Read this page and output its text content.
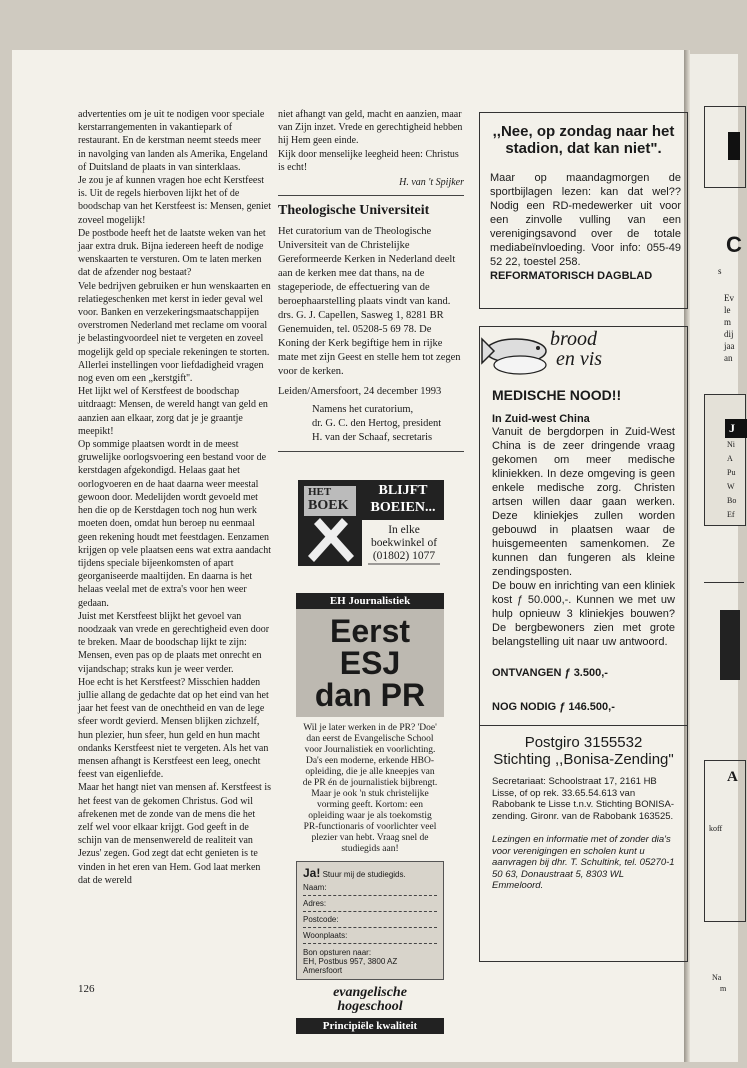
C
s
Ev
le
m
dij
jaa
an
J
Ni
A
Pu
W
Bo
Ef
A
koff
Na
m

advertenties om je uit te nodigen voor speciale kerstarrangementen in vakantiepark of restaurant. En de kerstman neemt steeds meer in navolging van landen als Amerika, Engeland of Duitsland de plaats in van sinterklaas.

Je zou je af kunnen vragen hoe echt Kerstfeest is. Uit de regels hierboven lijkt het of de boodschap van het Kerstfeest is: Mensen, geniet zoveel mogelijk!

De postbode heeft het de laatste weken van het jaar extra druk. Bijna iedereen heeft de nodige wenskaarten te versturen. Om te laten merken dat de afzender nog bestaat?

Vele bedrijven gebruiken er hun wenskaarten en relatiegeschenken met kerst in ieder geval wel voor. Banken en verzekeringsmaatschappijen overstromen Nederland met reclame om vooral je belastingvoordeel niet te vergeten en zoveel mogelijk geld op speciale rekeningen te storten. Allerlei instellingen voor liefdadigheid vragen nog even om een „kerstgift''.

Het lijkt wel of Kerstfeest de boodschap uitdraagt: Mensen, de wereld hangt van geld en aanzien aan elkaar, zorg dat je je graantje meepikt!

Op sommige plaatsen wordt in de meest gruwelijke oorlogsvoering een bestand voor de kerstdagen afgekondigd. Helaas gaat het oorlogvoeren en de haat daarna weer meestal gewoon door. Medelijden wordt gevoeld met hen die op de Kerstdagen toch nog hun werk moeten doen, omdat hun beroep nu eenmaal geen rekening houdt met feestdagen. Eenzamen krijgen op vele plaatsen eens wat extra aandacht tijdens speciale bijeenkomsten of apart georganiseerde maaltijden. En daarna is het helaas veelal met de extra's voor hen weer gedaan.

Juist met Kerstfeest blijkt het gevoel van noodzaak van vrede en gerechtigheid even door te breken. Maar de boodschap lijkt te zijn: Mensen, even pas op de plaats met onrecht en vijandschap; straks kun je weer verder.

Hoe echt is het Kerstfeest? Misschien hadden jullie allang de gedachte dat op het eind van het jaar het feest van de onechtheid en van de lege sfeer wordt gevierd. Mensen blijken zichzelf, hun plezier, hun sfeer, hun geld en hun macht ondanks Kerstfeest niet te vergeten. Als het van mensen afhangt is Kerstfeest een leeg, onecht feest van eigenliefde.

Maar het hangt niet van mensen af. Kerstfeest is het feest van de gekomen Christus. God wil afrekenen met de zonde van de mens die het zelf wel voor elkaar krijgt. God geeft in de schijn van de mensenwereld de realiteit van Jezus' zegen. God zegt dat echt genieten is te vinden in het eren van Hem. God laat merken dat de wereld

niet afhangt van geld, macht en aanzien, maar van Zijn inzet. Vrede en gerechtigheid hebben hij Hem geen einde.

Kijk door menselijke leegheid heen: Christus is echt!

H. van 't Spijker

Theologische Universiteit

Het curatorium van de Theologische Universiteit van de Christelijke Gereformeerde Kerken in Nederland deelt aan de kerken mee dat thans, na de stageperiode, de effectuering van de beroephaarstelling plaats vindt van kand. drs. G. J. Capellen, Sasweg 1, 8281 BR Genemuiden, tel. 05208-5 69 78. De Koning der Kerk begiftige hem in rijke mate met zijn Geest en stelle hem tot zegen voor de kerken.

Leiden/Amersfoort, 24 december 1993

Namens het curatorium,
dr. G. C. den Hertog, president
H. van der Schaaf, secretaris
HET
BOEK
BLIJFT BOEIEN...
In elke boekwinkel of (01802) 1077
EH Journalistiek
Eerst ESJ
dan PR
Wil je later werken in de PR? 'Doe' dan eerst de Evangelische School voor Journalistiek en voorlichting. Da's een moderne, erkende HBO-opleiding, die je alle kneepjes van de PR én de journalistiek bijbrengt. Maar je ook 'n stuk christelijke vorming geeft. Kortom: een opleiding waar je als toekomstig PR-functionaris of voorlichter veel plezier van hebt. Vraag snel de studiegids aan!
Ja! Stuur mij de studiegids.
Naam:
Adres:
Postcode:
Woonplaats:
Bon opsturen naar:
EH, Postbus 957, 3800 AZ Amersfoort
evangelische
hogeschool
Principiële kwaliteit
,,Nee, op zondag naar het stadion, dat kan niet".
Maar op maandagmorgen de sportbijlagen lezen: kan dat wel?? Nodig een RD-medewerker uit voor een zinvolle vulling van een verenigingsavond over de totale mediabeïnvloeding. Voor info: 055-49 52 22, toestel 258.
REFORMATORISCH DAGBLAD
brood
en vis
MEDISCHE NOOD!!
In Zuid-west China

Vanuit de bergdorpen in Zuid-West China is de zeer dringende vraag gekomen om meer medische kliniekken. In deze omgeving is geen enkele medische zorg. Christen artsen willen daar gaan werken. Deze kliniekjes zullen worden gebouwd in plaatsen waar de huisgemeenten samenkomen. Ze kunnen dan fungeren als kleine zendingsposten.

De bouw en inrichting van een kliniek kost ƒ 50.000,-. Kunnen we met uw hulp opnieuw 3 kliniekjes bouwen? De bergbewoners zien met grote belangstelling uit naar uw antwoord.

ONTVANGEN ƒ 3.500,-
NOG NODIG ƒ 146.500,-
Postgiro 3155532
Stichting ,,Bonisa-Zending"
Secretariaat: Schoolstraat 17, 2161 HB Lisse, of op rek. 33.65.54.613 van Rabobank te Lisse t.n.v. Stichting BONISA-zending. Gironr. van de Rabobank 163525.
Lezingen en informatie met of zonder dia's voor verenigingen en scholen kunt u aanvragen bij dhr. T. Schultink, tel. 05270-1 50 63, Donaustraat 5, 8303 WL Emmeloord.
126
